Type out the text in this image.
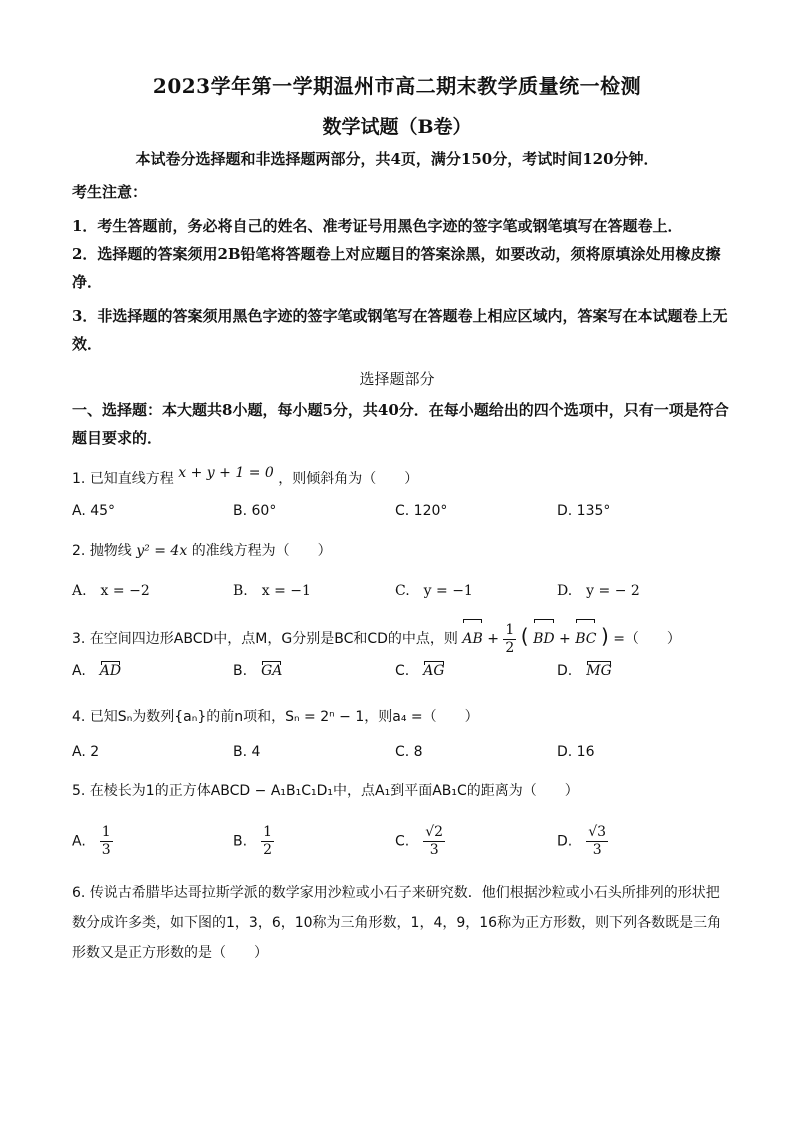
2023学年第一学期温州市高二期末教学质量统一检测
数学试题（B卷）
本试卷分选择题和非选择题两部分，共4页，满分150分，考试时间120分钟．
考生注意：
1．考生答题前，务必将自己的姓名、准考证号用黑色字迹的签字笔或钢笔填写在答题卷上．
2．选择题的答案须用2B铅笔将答题卷上对应题目的答案涂黑，如要改动，须将原填涂处用橡皮擦净．
3．非选择题的答案须用黑色字迹的签字笔或钢笔写在答题卷上相应区域内，答案写在本试题卷上无效．
选择题部分
一、选择题：本大题共8小题，每小题5分，共40分．在每小题给出的四个选项中，只有一项是符合题目要求的．
1. 已知直线方程 x + y + 1 = 0 ，则倾斜角为（　　）
A. 45°	B. 60°	C. 120°	D. 135°
2. 抛物线 y² = 4x 的准线方程为（　　）
A.　x = −2	B.　x = −1	C.　y = −1	D.　y = − 2
3. 在空间四边形ABCD中，点M，G分别是BC和CD的中点，则 AB + $\frac{1}{2}$ ( BD + BC ) =（　　）
A.　 AD	B.　 GA	C.　 AG	D.　 MG
4. 已知Sₙ为数列{aₙ}的前n项和，Sₙ = 2ⁿ − 1，则a₄ =（　　）
A. 2	B. 4	C. 8	D. 16
5. 在棱长为1的正方体ABCD − A₁B₁C₁D₁中，点A₁到平面AB₁C的距离为（　　）
A.　 $\frac{1}{3}$	B.　 $\frac{1}{2}$	C.　 $\frac{√2}{3}$	D.　 $\frac{√3}{3}$
6. 传说古希腊毕达哥拉斯学派的数学家用沙粒或小石子来研究数．他们根据沙粒或小石头所排列的形状把数分成许多类，如下图的1，3，6，10称为三角形数，1，4，9，16称为正方形数，则下列各数既是三角形数又是正方形数的是（　　）
